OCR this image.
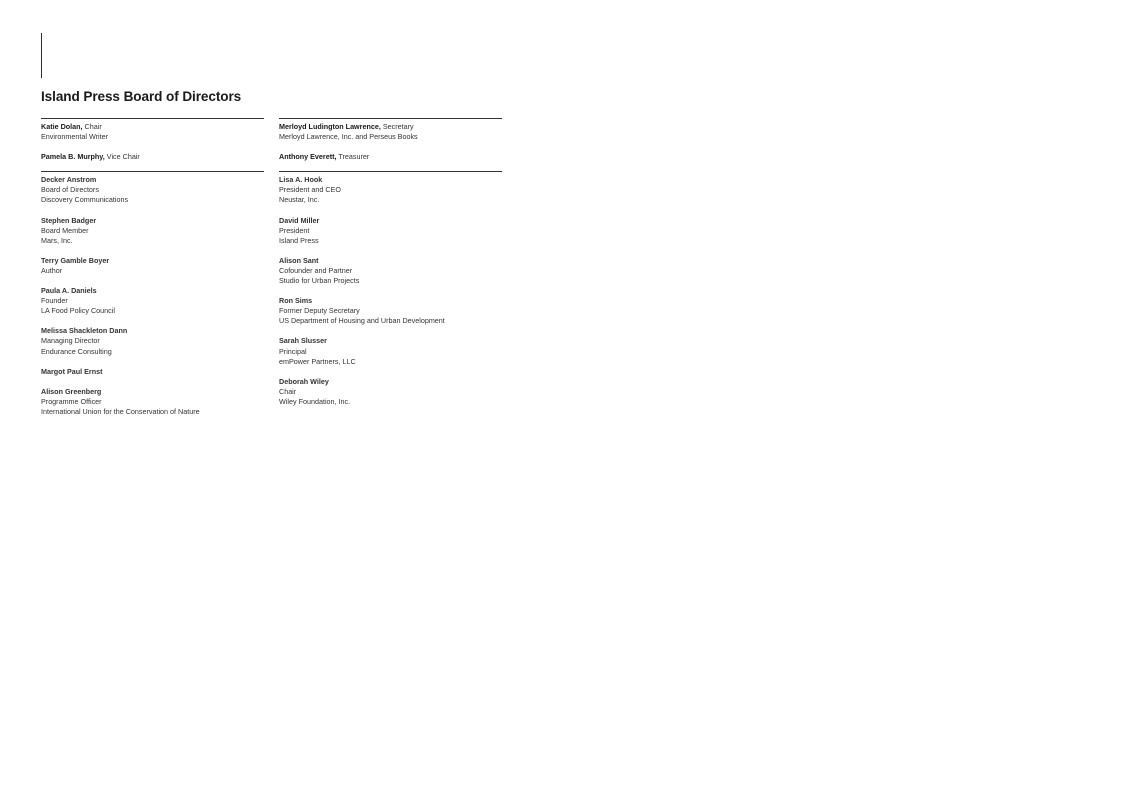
Island Press Board of Directors
Katie Dolan, Chair
Environmental Writer
Pamela B. Murphy, Vice Chair
Decker Anstrom
Board of Directors
Discovery Communications
Stephen Badger
Board Member
Mars, Inc.
Terry Gamble Boyer
Author
Paula A. Daniels
Founder
LA Food Policy Council
Melissa Shackleton Dann
Managing Director
Endurance Consulting
Margot Paul Ernst
Alison Greenberg
Programme Officer
International Union for the Conservation of Nature
Merloyd Ludington Lawrence, Secretary
Merloyd Lawrence, Inc. and Perseus Books
Anthony Everett, Treasurer
Lisa A. Hook
President and CEO
Neustar, Inc.
David Miller
President
Island Press
Alison Sant
Cofounder and Partner
Studio for Urban Projects
Ron Sims
Former Deputy Secretary
US Department of Housing and Urban Development
Sarah Slusser
Principal
emPower Partners, LLC
Deborah Wiley
Chair
Wiley Foundation, Inc.
